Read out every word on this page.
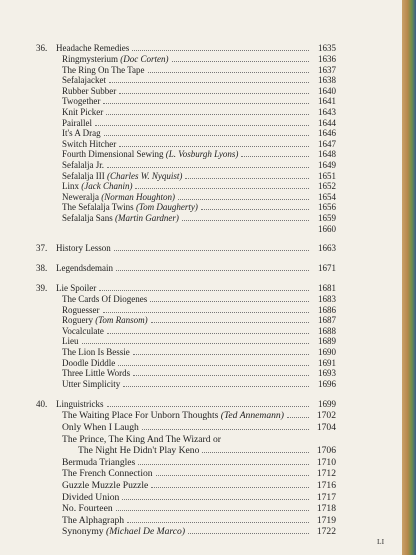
36. Headache Remedies	1635
Ringmysterium (Doc Corten)	1636
The Ring On The Tape	1637
Sefalajacket	1638
Rubber Subber	1640
Twogether	1641
Knit Picker	1643
Pairallel	1644
It's A Drag	1646
Switch Hitcher	1647
Fourth Dimensional Sewing (L. Vosburgh Lyons)	1648
Sefalalja Jr.	1649
Sefalalja III (Charles W. Nyquist)	1651
Linx (Jack Chanin)	1652
Neweralja (Norman Houghton)	1654
The Sefalalja Twins (Tom Daugherty)	1656
Sefalalja Sans (Martin Gardner)	1659
1660
37. History Lesson	1663
38. Legendsdemain	1671
39. Lie Spoiler	1681
The Cards Of Diogenes	1683
Roguesser	1686
Roguery (Tom Ransom)	1687
Vocalculate	1688
Lieu	1689
The Lion Is Bessie	1690
Doodle Diddle	1691
Three Little Words	1693
Utter Simplicity	1696
40. Linguistricks	1699
The Waiting Place For Unborn Thoughts (Ted Annemann)	1702
Only When I Laugh	1704
The Prince, The King And The Wizard or
The Night He Didn't Play Keno	1706
Bermuda Triangles	1710
The French Connection	1712
Guzzle Muzzle Puzzle	1716
Divided Union	1717
No. Fourteen	1718
The Alphagraph	1719
Synonymy (Michael De Marco)	1722
LI
